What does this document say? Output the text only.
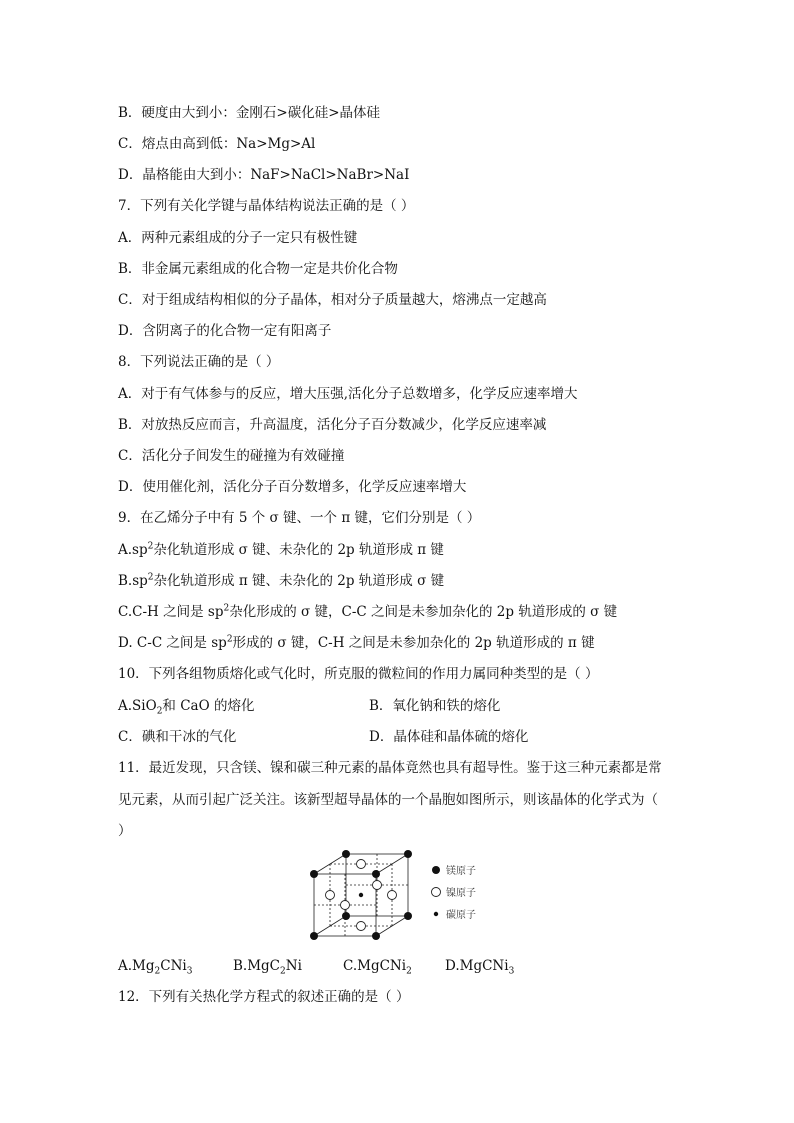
B．硬度由大到小：金刚石>碳化硅>晶体硅
C．熔点由高到低：Na>Mg>Al
D．晶格能由大到小：NaF>NaCl>NaBr>NaI
7．下列有关化学键与晶体结构说法正确的是（ ）
A．两种元素组成的分子一定只有极性键
B．非金属元素组成的化合物一定是共价化合物
C．对于组成结构相似的分子晶体，相对分子质量越大，熔沸点一定越高
D．含阴离子的化合物一定有阳离子
8．下列说法正确的是（ ）
A．对于有气体参与的反应，增大压强,活化分子总数增多，化学反应速率增大
B．对放热反应而言，升高温度，活化分子百分数减少，化学反应速率减
C．活化分子间发生的碰撞为有效碰撞
D．使用催化剂，活化分子百分数增多，化学反应速率增大
9．在乙烯分子中有 5 个 σ 键、一个 π 键，它们分别是（ ）
$A.sp^2$杂化轨道形成 σ 键、未杂化的 2p 轨道形成 π 键
$B.sp^2$杂化轨道形成 π 键、未杂化的 2p 轨道形成 σ 键
C.C-H 之间是 $sp^2$杂化形成的 σ 键，C-C 之间是未参加杂化的 2p 轨道形成的 σ 键
D. C-C 之间是 $sp^2$形成的 σ 键，C-H 之间是未参加杂化的 2p 轨道形成的 π 键
10．下列各组物质熔化或气化时，所克服的微粒间的作用力属同种类型的是（ ）
A.SiO$_2$和 CaO 的熔化	B．氧化钠和铁的熔化
C．碘和干冰的气化	D．晶体硅和晶体硫的熔化
11．最近发现，只含镁、镍和碳三种元素的晶体竟然也具有超导性。鉴于这三种元素都是常
见元素，从而引起广泛关注。该新型超导晶体的一个晶胞如图所示，则该晶体的化学式为（
）
镁原子
镍原子
碳原子
$A.Mg_2CNi_3$	B.MgC$_2$Ni	C.MgCNi$_2$ D.MgCNi$_3$
12．下列有关热化学方程式的叙述正确的是（ ）
